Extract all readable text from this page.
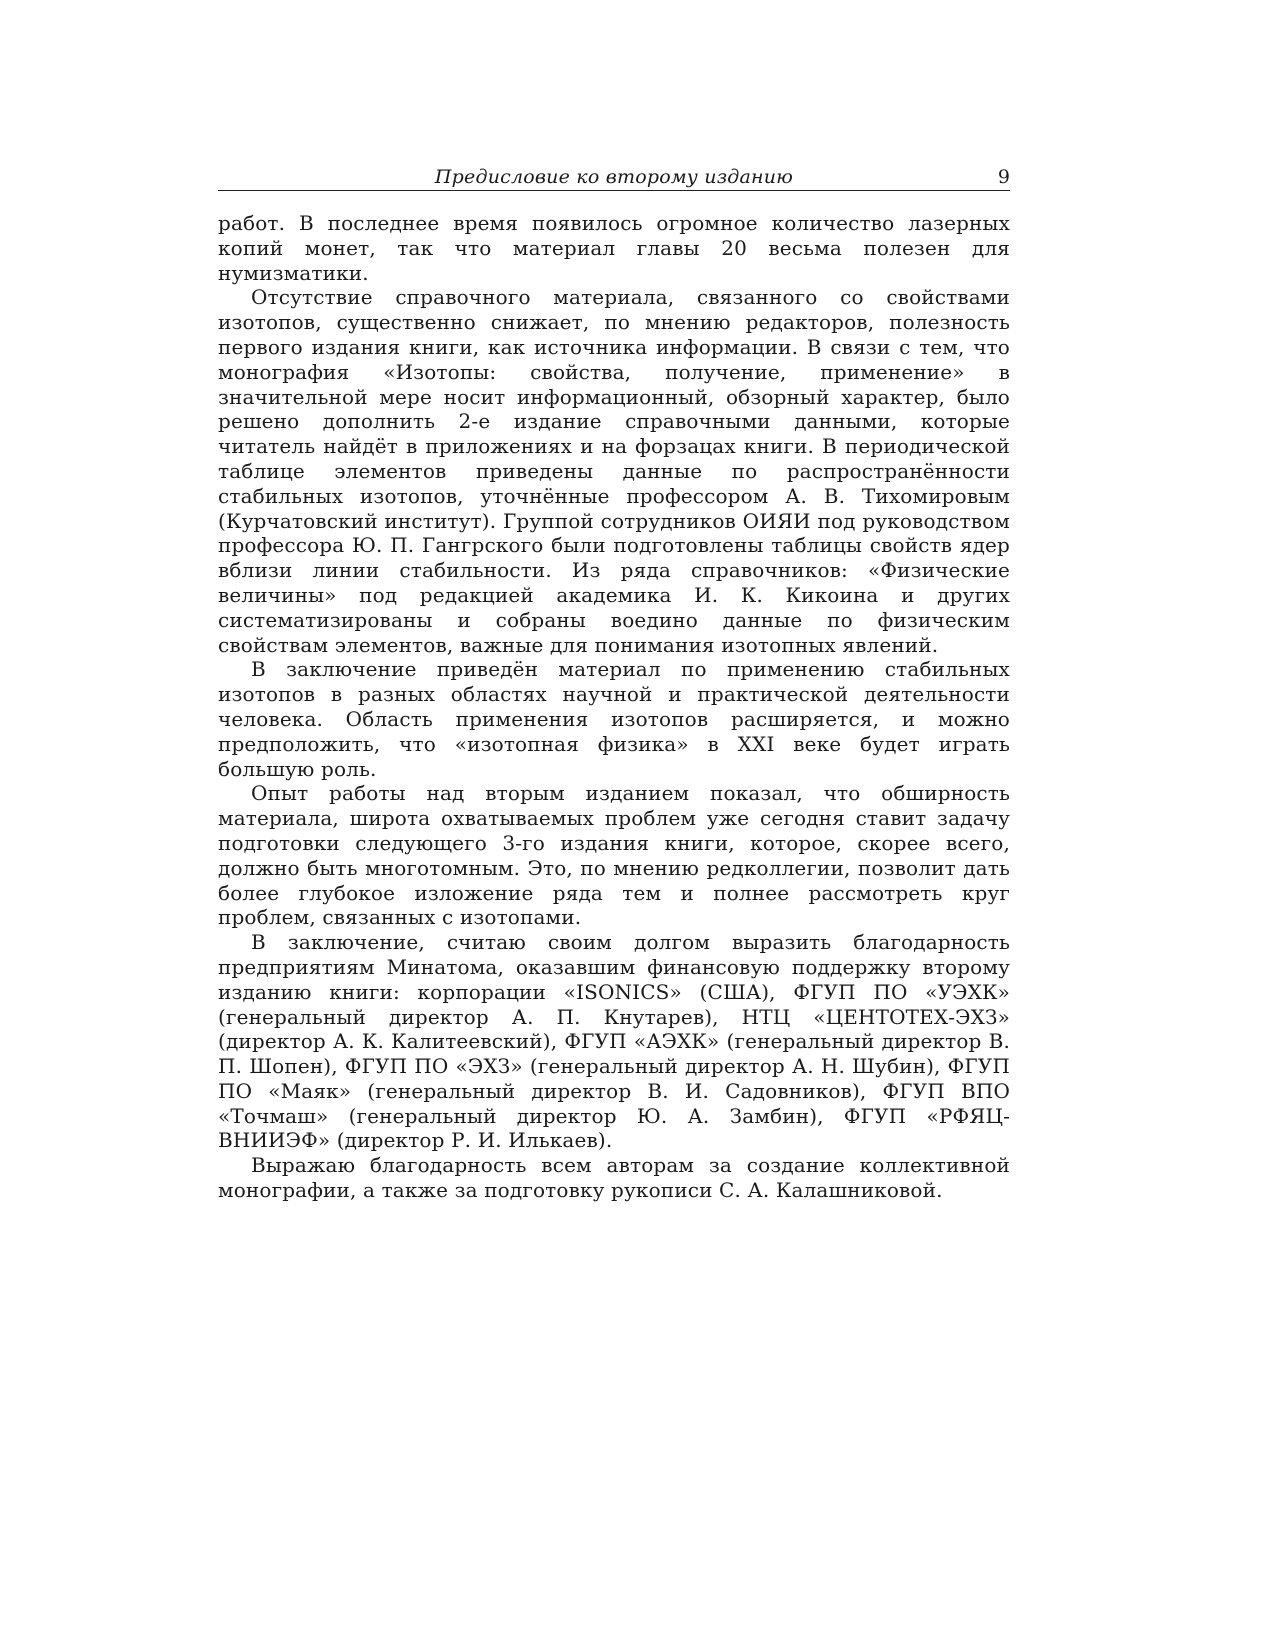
Предисловие ко второму изданию	9

работ. В последнее время появилось огромное количество лазерных копий монет, так что материал главы 20 весьма полезен для нумизматики.

Отсутствие справочного материала, связанного со свойствами изотопов, существенно снижает, по мнению редакторов, полезность первого издания книги, как источника информации. В связи с тем, что монография «Изотопы: свойства, получение, применение» в значительной мере носит информационный, обзорный характер, было решено дополнить 2-е издание справочными данными, которые читатель найдёт в приложениях и на форзацах книги. В периодической таблице элементов приведены данные по распространённости стабильных изотопов, уточнённые профессором А. В. Тихомировым (Курчатовский институт). Группой сотрудников ОИЯИ под руководством профессора Ю. П. Гангрского были подготовлены таблицы свойств ядер вблизи линии стабильности. Из ряда справочников: «Физические величины» под редакцией академика И. К. Кикоина и других систематизированы и собраны воедино данные по физическим свойствам элементов, важные для понимания изотопных явлений.

В заключение приведён материал по применению стабильных изотопов в разных областях научной и практической деятельности человека. Область применения изотопов расширяется, и можно предположить, что «изотопная физика» в XXI веке будет играть большую роль.

Опыт работы над вторым изданием показал, что обширность материала, широта охватываемых проблем уже сегодня ставит задачу подготовки следующего 3-го издания книги, которое, скорее всего, должно быть многотомным. Это, по мнению редколлегии, позволит дать более глубокое изложение ряда тем и полнее рассмотреть круг проблем, связанных с изотопами.

В заключение, считаю своим долгом выразить благодарность предприятиям Минатома, оказавшим финансовую поддержку второму изданию книги: корпорации «ISONICS» (США), ФГУП ПО «УЭХК» (генеральный директор А. П. Кнутарев), НТЦ «ЦЕНТОТЕХ-ЭХЗ» (директор А. К. Калитеевский), ФГУП «АЭХК» (генеральный директор В. П. Шопен), ФГУП ПО «ЭХЗ» (генеральный директор А. Н. Шубин), ФГУП ПО «Маяк» (генеральный директор В. И. Садовников), ФГУП ВПО «Точмаш» (генеральный директор Ю. А. Замбин), ФГУП «РФЯЦ-ВНИИЭФ» (директор Р. И. Илькаев).

Выражаю благодарность всем авторам за создание коллективной монографии, а также за подготовку рукописи С. А. Калашниковой.
